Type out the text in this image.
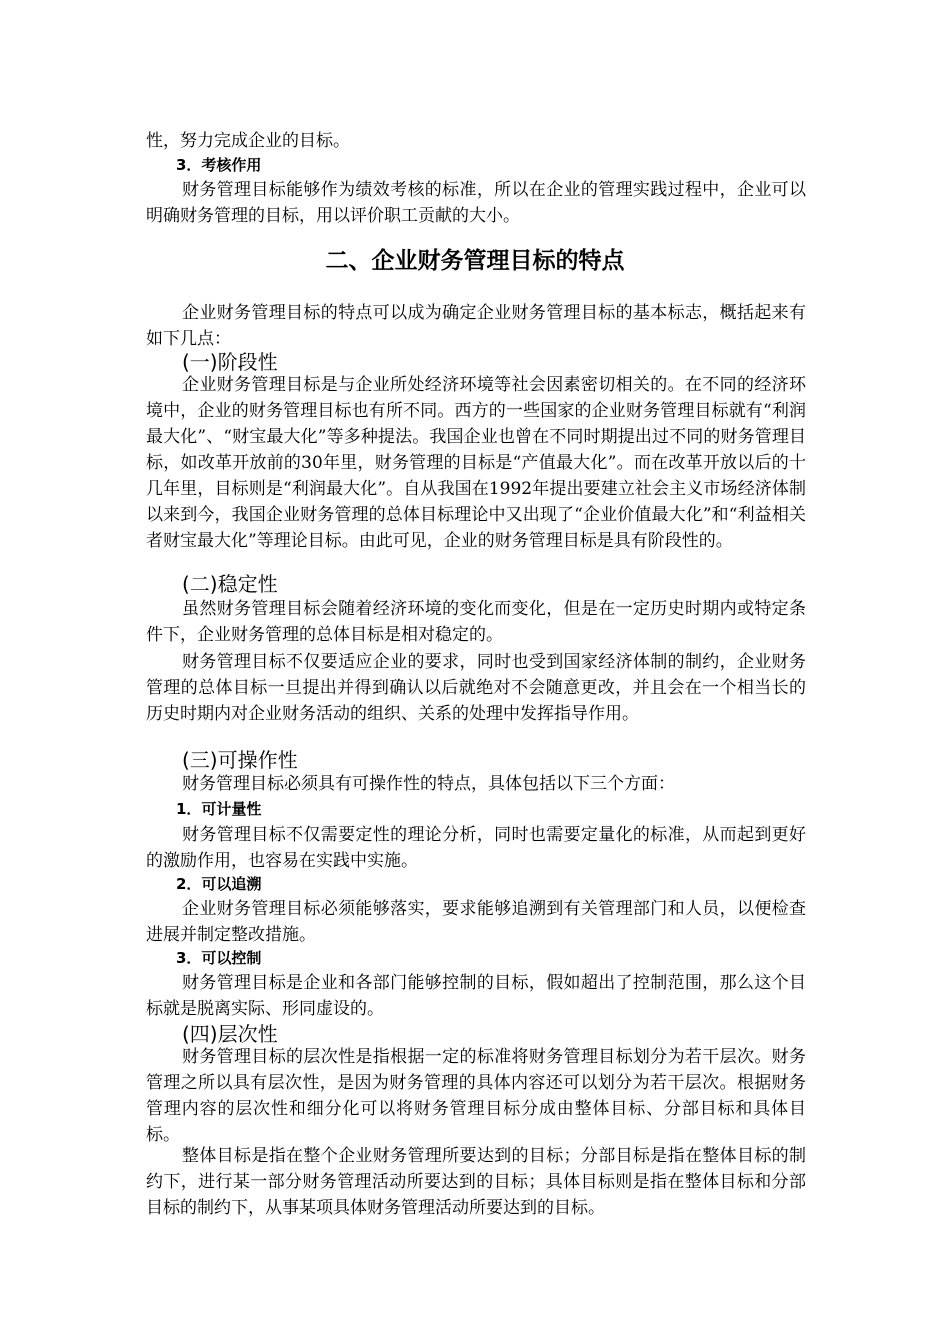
性，努力完成企业的目标。

3．考核作用

财务管理目标能够作为绩效考核的标准，所以在企业的管理实践过程中，企业可以明确财务管理的目标，用以评价职工贡献的大小。

二、企业财务管理目标的特点

企业财务管理目标的特点可以成为确定企业财务管理目标的基本标志，概括起来有如下几点：

(一)阶段性

企业财务管理目标是与企业所处经济环境等社会因素密切相关的。在不同的经济环境中，企业的财务管理目标也有所不同。西方的一些国家的企业财务管理目标就有“利润最大化”、“财宝最大化”等多种提法。我国企业也曾在不同时期提出过不同的财务管理目标，如改革开放前的30年里，财务管理的目标是“产值最大化”。而在改革开放以后的十几年里，目标则是“利润最大化”。自从我国在1992年提出要建立社会主义市场经济体制以来到今，我国企业财务管理的总体目标理论中又出现了“企业价值最大化”和“利益相关者财宝最大化”等理论目标。由此可见，企业的财务管理目标是具有阶段性的。

(二)稳定性

虽然财务管理目标会随着经济环境的变化而变化，但是在一定历史时期内或特定条件下，企业财务管理的总体目标是相对稳定的。

财务管理目标不仅要适应企业的要求，同时也受到国家经济体制的制约，企业财务管理的总体目标一旦提出并得到确认以后就绝对不会随意更改，并且会在一个相当长的历史时期内对企业财务活动的组织、关系的处理中发挥指导作用。

(三)可操作性

财务管理目标必须具有可操作性的特点，具体包括以下三个方面：

1．可计量性

财务管理目标不仅需要定性的理论分析，同时也需要定量化的标准，从而起到更好的激励作用，也容易在实践中实施。

2．可以追溯

企业财务管理目标必须能够落实，要求能够追溯到有关管理部门和人员，以便检查进展并制定整改措施。

3．可以控制

财务管理目标是企业和各部门能够控制的目标，假如超出了控制范围，那么这个目标就是脱离实际、形同虚设的。

(四)层次性

财务管理目标的层次性是指根据一定的标准将财务管理目标划分为若干层次。财务管理之所以具有层次性，是因为财务管理的具体内容还可以划分为若干层次。根据财务管理内容的层次性和细分化可以将财务管理目标分成由整体目标、分部目标和具体目标。

整体目标是指在整个企业财务管理所要达到的目标；分部目标是指在整体目标的制约下，进行某一部分财务管理活动所要达到的目标；具体目标则是指在整体目标和分部目标的制约下，从事某项具体财务管理活动所要达到的目标。
